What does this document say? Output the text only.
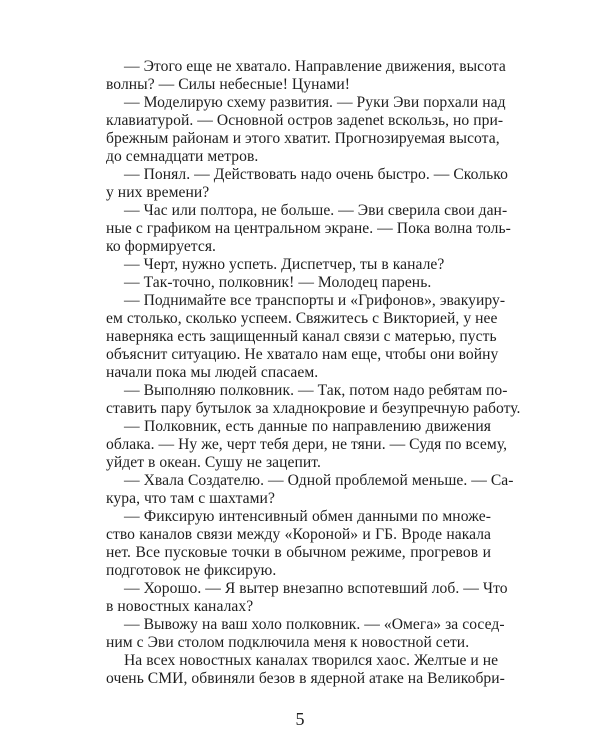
— Этого еще не хватало. Направление движения, высота
волны? — Силы небесные! Цунами!
— Моделирую схему развития. — Руки Эви порхали над
клавиатурой. — Основной остров задenet вскользь, но при-
брежным районам и этого хватит. Прогнозируемая высота,
до семнадцати метров.
— Понял. — Действовать надо очень быстро. — Сколько
у них времени?
— Час или полтора, не больше. — Эви сверила свои дан-
ные с графиком на центральном экране. — Пока волна толь-
ко формируется.
— Черт, нужно успеть. Диспетчер, ты в канале?
— Так-точно, полковник! — Молодец парень.
— Поднимайте все транспорты и «Грифонов», эвакуиру-
ем столько, сколько успеем. Свяжитесь с Викторией, у нее
наверняка есть защищенный канал связи с матерью, пусть
объяснит ситуацию. Не хватало нам еще, чтобы они войну
начали пока мы людей спасаем.
— Выполняю полковник. — Так, потом надо ребятам по-
ставить пару бутылок за хладнокровие и безупречную работу.
— Полковник, есть данные по направлению движения
облака. — Ну же, черт тебя дери, не тяни. — Судя по всему,
уйдет в океан. Сушу не зацепит.
— Хвала Создателю. — Одной проблемой меньше. — Са-
кура, что там с шахтами?
— Фиксирую интенсивный обмен данными по множе-
ство каналов связи между «Короной» и ГБ. Вроде накала
нет. Все пусковые точки в обычном режиме, прогревов и
подготовок не фиксирую.
— Хорошо. — Я вытер внезапно вспотевший лоб. — Что
в новостных каналах?
— Вывожу на ваш холо полковник. — «Омега» за сосед-
ним с Эви столом подключила меня к новостной сети.
На всех новостных каналах творился хаос. Желтые и не
очень СМИ, обвиняли безов в ядерной атаке на Великобри-
5
